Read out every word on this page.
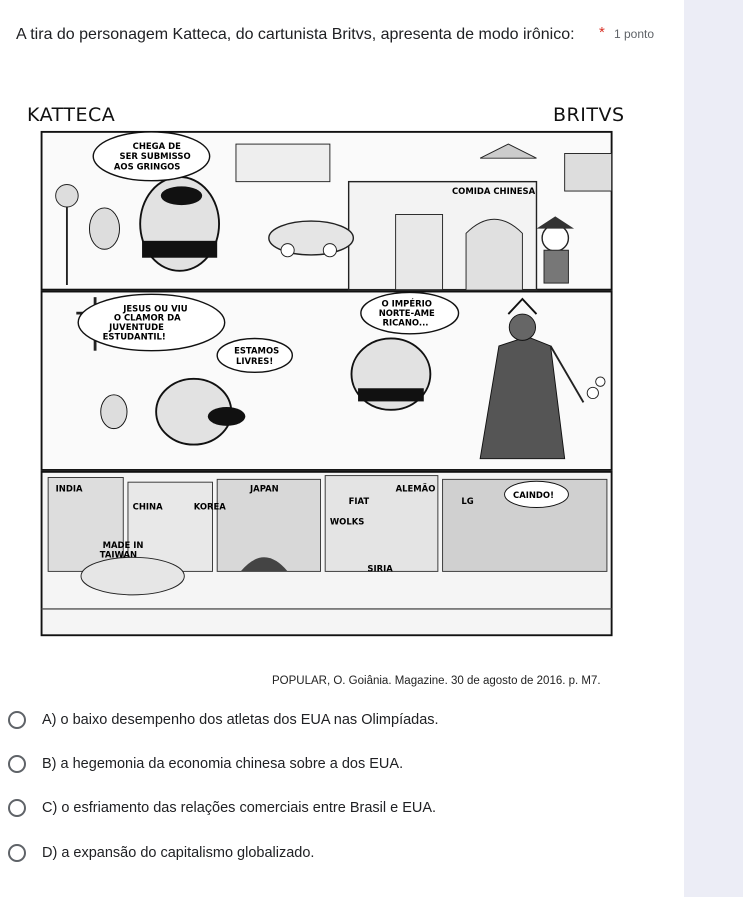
A tira do personagem Katteca, do cartunista Britvs, apresenta de modo irônico:	* 1 ponto
KATTECA	BRITVS
CHEGA DE
SER SUBMISSO
AOS GRINGOS
COMIDA CHINESA
JESUS OU VIU
O CLAMOR DA
JUVENTUDE
ESTUDANTIL!
ESTAMOS
LIVRES!
O IMPÉRIO
NORTE-AME
RICANO...
INDIA
CHINA	KOREA
JAPAN
FIAT
ALEMÃO
CAINDO!
SIRIA
WOLKS
TAIWAN
LG
MADE IN
POPULAR, O. Goiânia. Magazine. 30 de agosto de 2016. p. M7.
A) o baixo desempenho dos atletas dos EUA nas Olimpíadas.
B) a hegemonia da economia chinesa sobre a dos EUA.
C) o esfriamento das relações comerciais entre Brasil e EUA.
D) a expansão do capitalismo globalizado.
